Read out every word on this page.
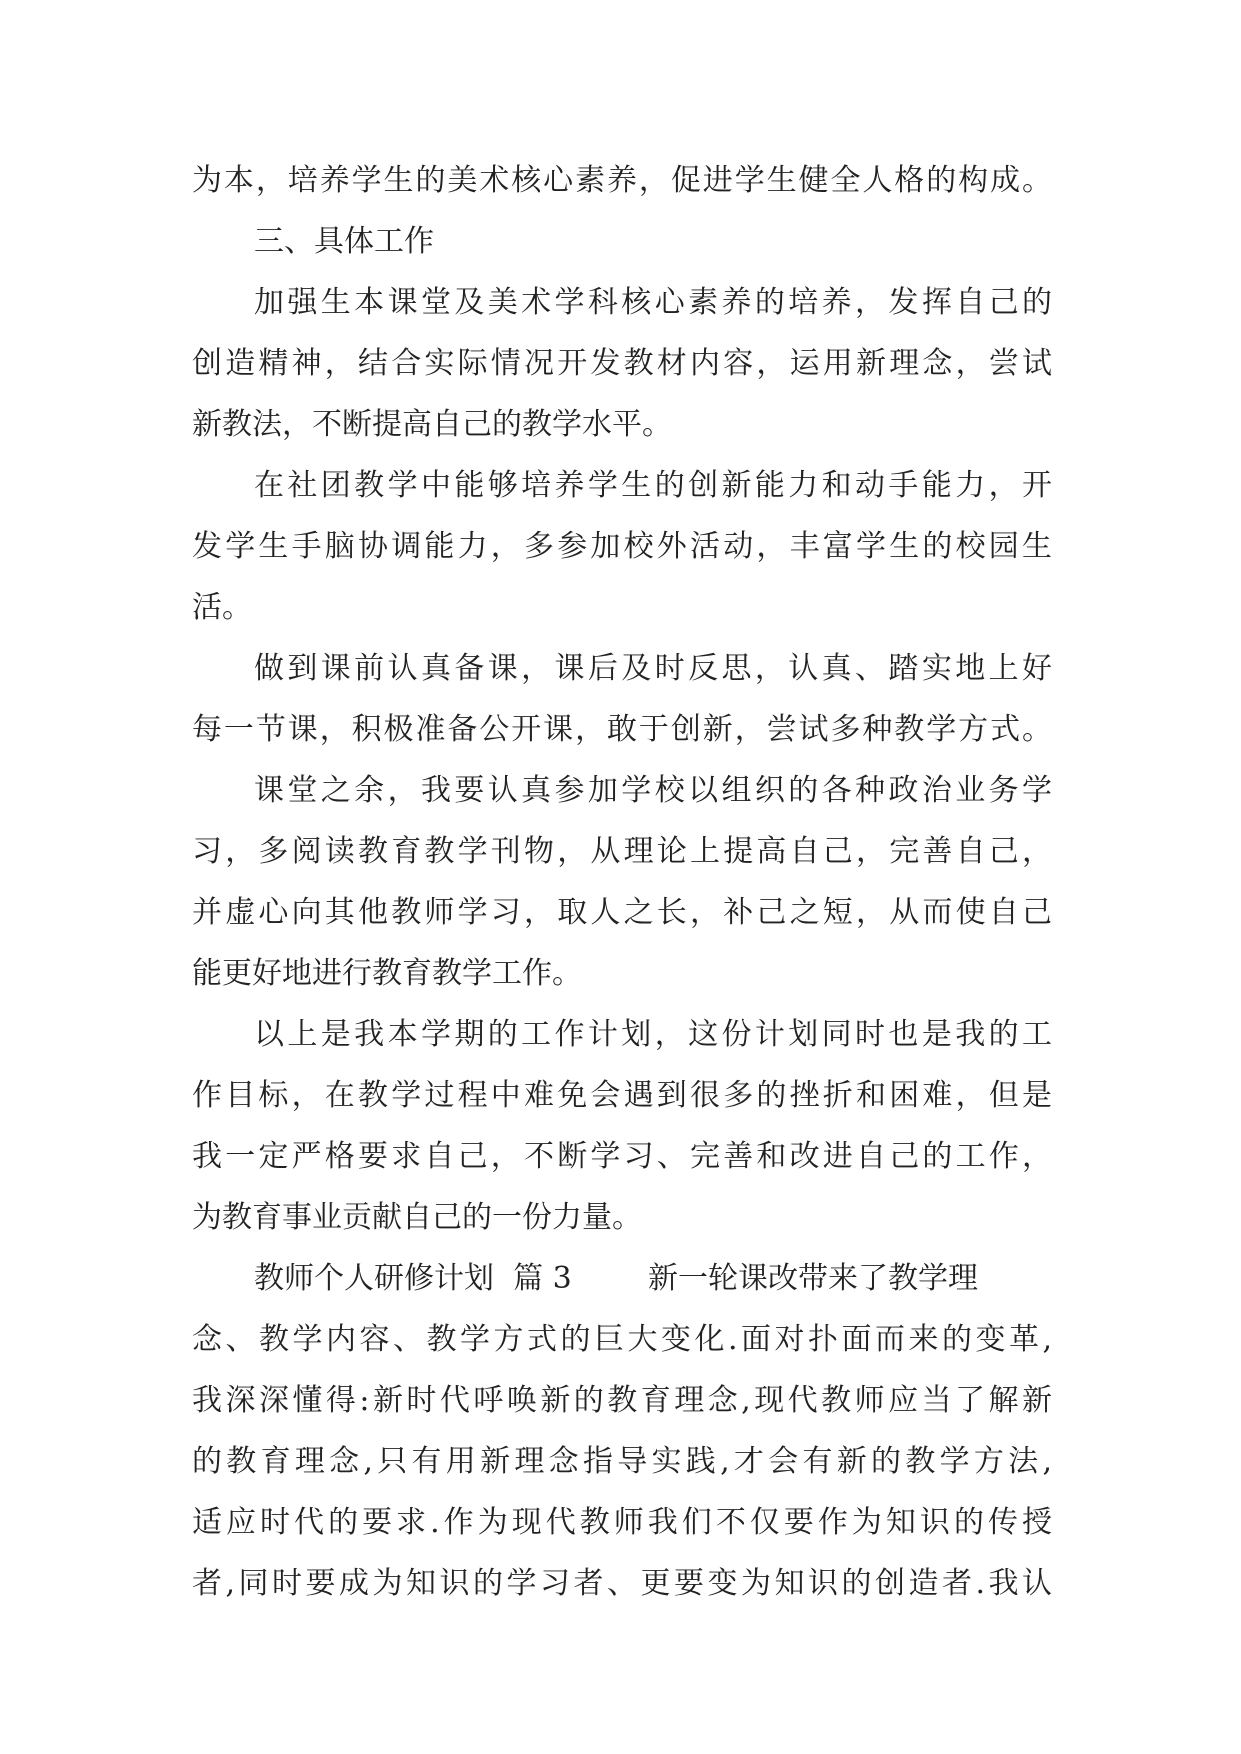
为本，培养学生的美术核心素养，促进学生健全人格的构成。
三、具体工作
加强生本课堂及美术学科核心素养的培养，发挥自己的
创造精神，结合实际情况开发教材内容，运用新理念，尝试
新教法，不断提高自己的教学水平。
在社团教学中能够培养学生的创新能力和动手能力，开
发学生手脑协调能力，多参加校外活动，丰富学生的校园生
活。
做到课前认真备课，课后及时反思，认真、踏实地上好
每一节课，积极准备公开课，敢于创新，尝试多种教学方式。
课堂之余，我要认真参加学校以组织的各种政治业务学
习，多阅读教育教学刊物，从理论上提高自己，完善自己，
并虚心向其他教师学习，取人之长，补己之短，从而使自己
能更好地进行教育教学工作。
以上是我本学期的工作计划，这份计划同时也是我的工
作目标，在教学过程中难免会遇到很多的挫折和困难，但是
我一定严格要求自己，不断学习、完善和改进自己的工作，
为教育事业贡献自己的一份力量。
教师个人研修计划  篇 3        新一轮课改带来了教学理
念、教学内容、教学方式的巨大变化.面对扑面而来的变革,
我深深懂得:新时代呼唤新的教育理念,现代教师应当了解新
的教育理念,只有用新理念指导实践,才会有新的教学方法,
适应时代的要求.作为现代教师我们不仅要作为知识的传授
者,同时要成为知识的学习者、更要变为知识的创造者.我认
